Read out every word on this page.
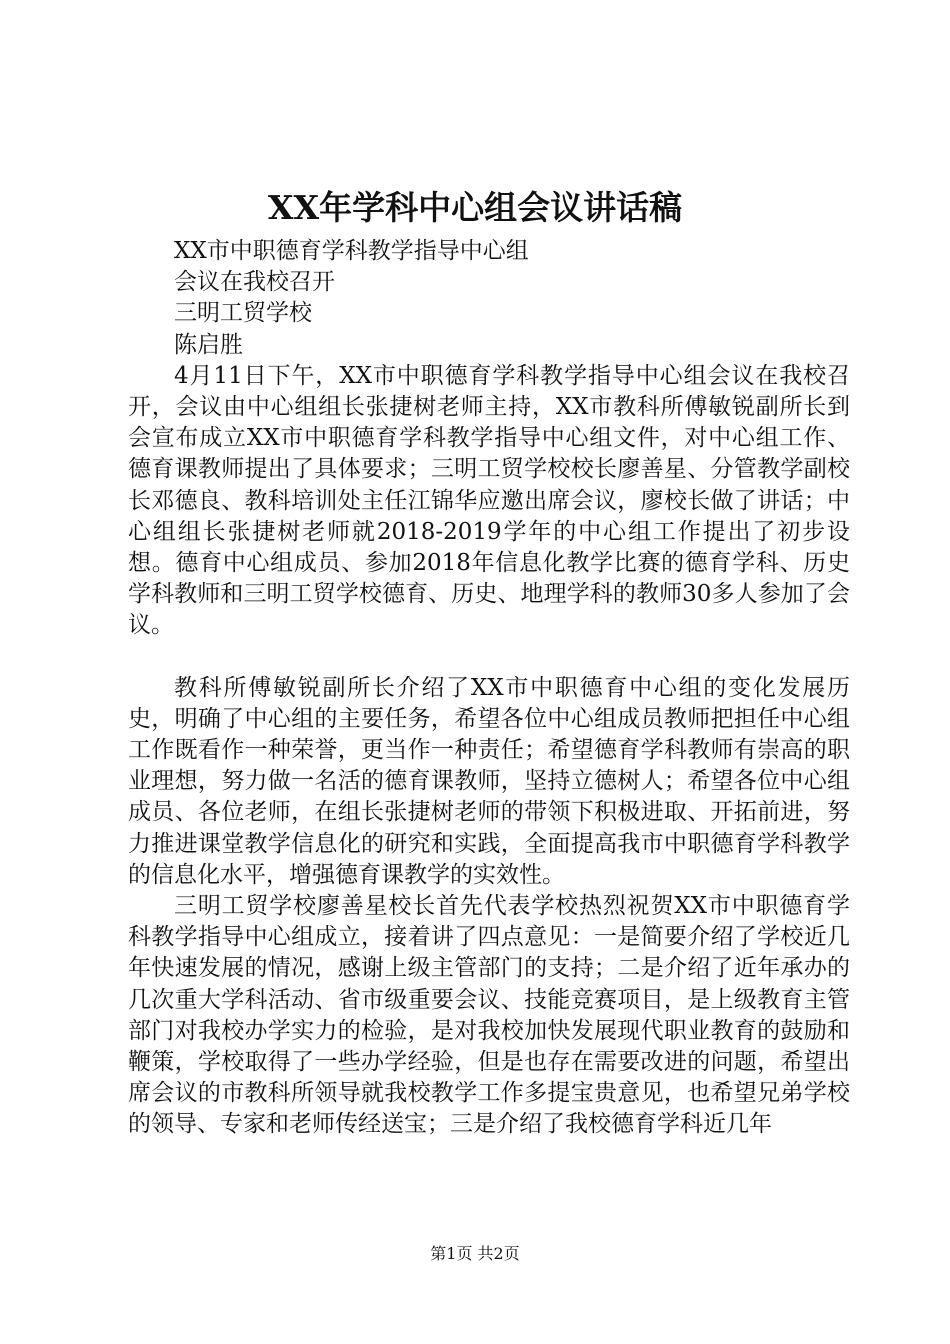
XX年学科中心组会议讲话稿

XX市中职德育学科教学指导中心组

会议在我校召开

三明工贸学校

陈启胜

4月11日下午，XX市中职德育学科教学指导中心组会议在我校召开，会议由中心组组长张捷树老师主持，XX市教科所傅敏锐副所长到会宣布成立XX市中职德育学科教学指导中心组文件，对中心组工作、德育课教师提出了具体要求；三明工贸学校校长廖善星、分管教学副校长邓德良、教科培训处主任江锦华应邀出席会议，廖校长做了讲话；中心组组长张捷树老师就2018-2019学年的中心组工作提出了初步设想。德育中心组成员、参加2018年信息化教学比赛的德育学科、历史学科教师和三明工贸学校德育、历史、地理学科的教师30多人参加了会议。

教科所傅敏锐副所长介绍了XX市中职德育中心组的变化发展历史，明确了中心组的主要任务，希望各位中心组成员教师把担任中心组工作既看作一种荣誉，更当作一种责任；希望德育学科教师有崇高的职业理想，努力做一名活的德育课教师，坚持立德树人；希望各位中心组成员、各位老师，在组长张捷树老师的带领下积极进取、开拓前进，努力推进课堂教学信息化的研究和实践，全面提高我市中职德育学科教学的信息化水平，增强德育课教学的实效性。

三明工贸学校廖善星校长首先代表学校热烈祝贺XX市中职德育学科教学指导中心组成立，接着讲了四点意见：一是简要介绍了学校近几年快速发展的情况，感谢上级主管部门的支持；二是介绍了近年承办的几次重大学科活动、省市级重要会议、技能竞赛项目，是上级教育主管部门对我校办学实力的检验，是对我校加快发展现代职业教育的鼓励和鞭策，学校取得了一些办学经验，但是也存在需要改进的问题，希望出席会议的市教科所领导就我校教学工作多提宝贵意见，也希望兄弟学校的领导、专家和老师传经送宝；三是介绍了我校德育学科近几年

第1页 共2页
